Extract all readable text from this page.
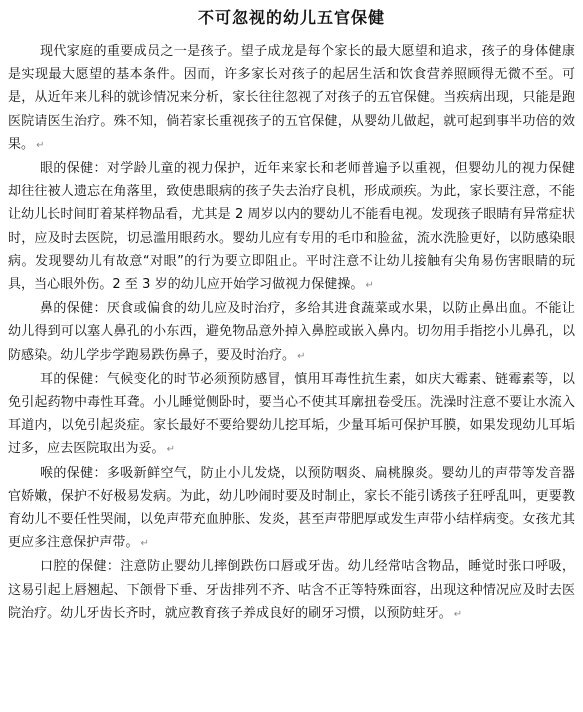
不可忽视的幼儿五官保健

现代家庭的重要成员之一是孩子。望子成龙是每个家长的最大愿望和追求，孩子的身体健康是实现最大愿望的基本条件。因而，许多家长对孩子的起居生活和饮食营养照顾得无微不至。可是，从近年来儿科的就诊情况来分析，家长往往忽视了对孩子的五官保健。当疾病出现，只能是跑医院请医生治疗。殊不知，倘若家长重视孩子的五官保健，从婴幼儿做起，就可起到事半功倍的效果。 ↵

眼的保健：对学龄儿童的视力保护，近年来家长和老师普遍予以重视，但婴幼儿的视力保健却往往被人遗忘在角落里，致使患眼病的孩子失去治疗良机，形成顽疾。为此，家长要注意，不能让幼儿长时间盯着某样物品看，尤其是 2 周岁以内的婴幼儿不能看电视。发现孩子眼睛有异常症状时，应及时去医院，切忌滥用眼药水。婴幼儿应有专用的毛巾和脸盆，流水洗脸更好，以防感染眼病。发现婴幼儿有故意“对眼”的行为要立即阻止。平时注意不让幼儿接触有尖角易伤害眼睛的玩具，当心眼外伤。2 至 3 岁的幼儿应开始学习做视力保健操。 ↵

鼻的保健：厌食或偏食的幼儿应及时治疗，多给其进食蔬菜或水果，以防止鼻出血。不能让幼儿得到可以塞人鼻孔的小东西，避免物品意外掉入鼻腔或嵌入鼻内。切勿用手指挖小儿鼻孔，以防感染。幼儿学步学跑易跌伤鼻子，要及时治疗。 ↵

耳的保健：气候变化的时节必须预防感冒，慎用耳毒性抗生素，如庆大霉素、链霉素等，以免引起药物中毒性耳聋。小儿睡觉侧卧时，要当心不使其耳廓扭卷受压。洗澡时注意不要让水流入耳道内，以免引起炎症。家长最好不要给婴幼儿挖耳垢，少量耳垢可保护耳膜，如果发现幼儿耳垢过多，应去医院取出为妥。 ↵

喉的保健：多吸新鲜空气，防止小儿发烧，以预防咽炎、扁桃腺炎。婴幼儿的声带等发音器官娇嫩，保护不好极易发病。为此，幼儿吵闹时要及时制止，家长不能引诱孩子狂呼乱叫，更要教育幼儿不要任性哭闹，以免声带充血肿胀、发炎，甚至声带肥厚或发生声带小结样病变。女孩尤其更应多注意保护声带。 ↵

口腔的保健：注意防止婴幼儿摔倒跌伤口唇或牙齿。幼儿经常咕含物品，睡觉时张口呼吸，这易引起上唇翘起、下颌骨下垂、牙齿排列不齐、咕含不正等特殊面容，出现这种情况应及时去医院治疗。幼儿牙齿长齐时，就应教育孩子养成良好的刷牙习惯，以预防蛀牙。 ↵
